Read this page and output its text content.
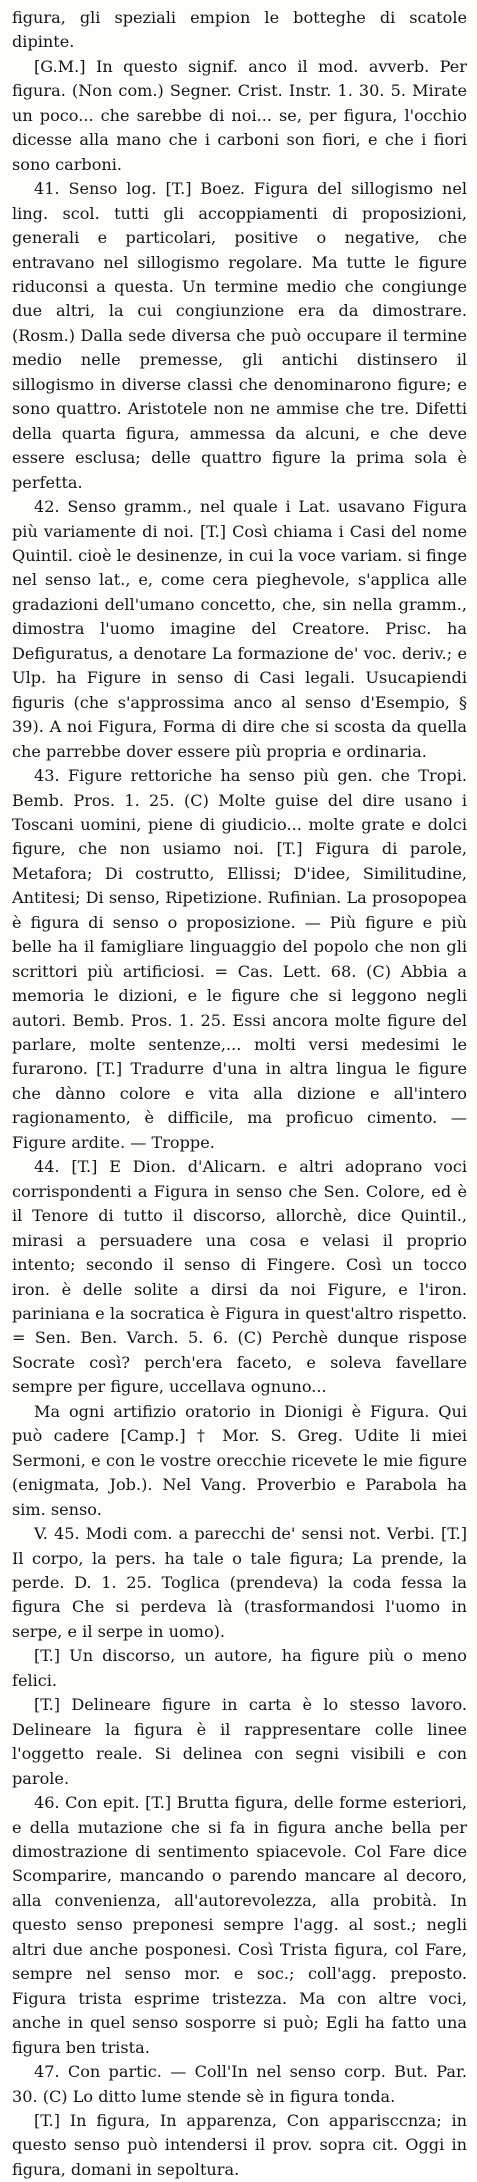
figura, gli speziali empion le botteghe di scatole dipinte.

[G.M.] In questo signif. anco il mod. avverb. Per figura. (Non com.) Segner. Crist. Instr. 1. 30. 5. Mirate un poco... che sarebbe di noi... se, per figura, l'occhio dicesse alla mano che i carboni son fiori, e che i fiori sono carboni.

41. Senso log. [T.] Boez. Figura del sillogismo nel ling. scol. tutti gli accoppiamenti di proposizioni, generali e particolari, positive o negative, che entravano nel sillogismo regolare. Ma tutte le figure riduconsi a questa. Un termine medio che congiunge due altri, la cui congiunzione era da dimostrare. (Rosm.) Dalla sede diversa che può occupare il termine medio nelle premesse, gli antichi distinsero il sillogismo in diverse classi che denominarono figure; e sono quattro. Aristotele non ne ammise che tre. Difetti della quarta figura, ammessa da alcuni, e che deve essere esclusa; delle quattro figure la prima sola è perfetta.

42. Senso gramm., nel quale i Lat. usavano Figura più variamente di noi. [T.] Così chiama i Casi del nome Quintil. cioè le desinenze, in cui la voce variam. si finge nel senso lat., e, come cera pieghevole, s'applica alle gradazioni dell'umano concetto, che, sin nella gramm., dimostra l'uomo imagine del Creatore. Prisc. ha Defiguratus, a denotare La formazione de' voc. deriv.; e Ulp. ha Figure in senso di Casi legali. Usucapiendi figuris (che s'approssima anco al senso d'Esempio, § 39). A noi Figura, Forma di dire che si scosta da quella che parrebbe dover essere più propria e ordinaria.

43. Figure rettoriche ha senso più gen. che Tropi. Bemb. Pros. 1. 25. (C) Molte guise del dire usano i Toscani uomini, piene di giudicio... molte grate e dolci figure, che non usiamo noi. [T.] Figura di parole, Metafora; Di costrutto, Ellissi; D'idee, Similitudine, Antitesi; Di senso, Ripetizione. Rufinian. La prosopopea è figura di senso o proposizione. — Più figure e più belle ha il famigliare linguaggio del popolo che non gli scrittori più artificiosi. = Cas. Lett. 68. (C) Abbia a memoria le dizioni, e le figure che si leggono negli autori. Bemb. Pros. 1. 25. Essi ancora molte figure del parlare, molte sentenze,... molti versi medesimi le furarono. [T.] Tradurre d'una in altra lingua le figure che dànno colore e vita alla dizione e all'intero ragionamento, è difficile, ma proficuo cimento. — Figure ardite. — Troppe.

44. [T.] E Dion. d'Alicarn. e altri adoprano voci corrispondenti a Figura in senso che Sen. Colore, ed è il Tenore di tutto il discorso, allorchè, dice Quintil., mirasi a persuadere una cosa e velasi il proprio intento; secondo il senso di Fingere. Così un tocco iron. è delle solite a dirsi da noi Figure, e l'iron. pariniana e la socratica è Figura in quest'altro rispetto. = Sen. Ben. Varch. 5. 6. (C) Perchè dunque rispose Socrate così? perch'era faceto, e soleva favellare sempre per figure, uccellava ognuno...

Ma ogni artifizio oratorio in Dionigi è Figura. Qui può cadere [Camp.] † Mor. S. Greg. Udite li miei Sermoni, e con le vostre orecchie ricevete le mie figure (enigmata, Job.). Nel Vang. Proverbio e Parabola ha sim. senso.

V. 45. Modi com. a parecchi de' sensi not. Verbi. [T.] Il corpo, la pers. ha tale o tale figura; La prende, la perde. D. 1. 25. Toglica (prendeva) la coda fessa la figura Che si perdeva là (trasformandosi l'uomo in serpe, e il serpe in uomo).

[T.] Un discorso, un autore, ha figure più o meno felici.

[T.] Delineare figure in carta è lo stesso lavoro. Delineare la figura è il rappresentare colle linee l'oggetto reale. Si delinea con segni visibili e con parole.

46. Con epit. [T.] Brutta figura, delle forme esteriori, e della mutazione che si fa in figura anche bella per dimostrazione di sentimento spiacevole. Col Fare dice Scomparire, mancando o parendo mancare al decoro, alla convenienza, all'autorevolezza, alla probità. In questo senso preponesi sempre l'agg. al sost.; negli altri due anche posponesi. Così Trista figura, col Fare, sempre nel senso mor. e soc.; coll'agg. preposto. Figura trista esprime tristezza. Ma con altre voci, anche in quel senso sosporre si può; Egli ha fatto una figura ben trista.

47. Con partic. — Coll'In nel senso corp. But. Par. 30. (C) Lo ditto lume stende sè in figura tonda.

[T.] In figura, In apparenza, Con apparisccnza; in questo senso può intendersi il prov. sopra cit. Oggi in figura, domani in sepoltura.
